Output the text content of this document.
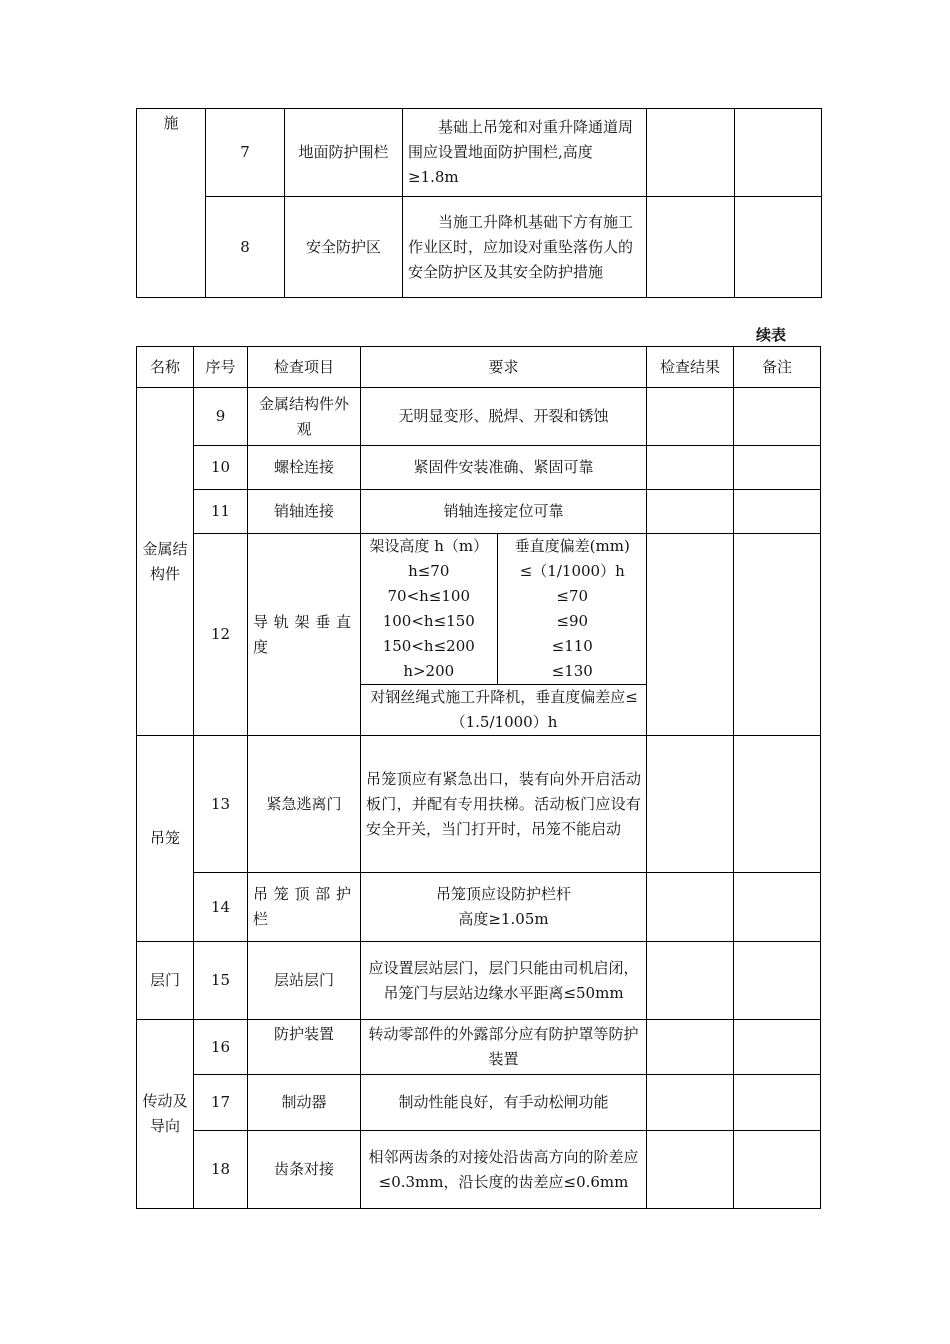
施	7	地面防护围栏	基础上吊笼和对重升降通道周围应设置地面防护围栏,高度≥1.8m		
	8	安全防护区	当施工升降机基础下方有施工作业区时，应加设对重坠落伤人的安全防护区及其安全防护措施		
续表
名称	序号	检查项目	要求	检查结果	备注
金属结构件	9	金属结构件外观	无明显变形、脱焊、开裂和锈蚀		
10	螺栓连接	紧固件安装准确、紧固可靠		
11	销轴连接	销轴连接定位可靠		
12	导轨架垂直度	
架设高度 h（m）	垂直度偏差(mm)
h≤70	≤（1/1000）h
70<h≤100	≤70
100<h≤150	≤90
150<h≤200	≤110
h>200	≤130
对钢丝绳式施工升降机，垂直度偏差应≤（1.5/1000）h

吊笼	13	紧急逃离门	吊笼顶应有紧急出口，装有向外开启活动板门，并配有专用扶梯。活动板门应设有安全开关，当门打开时，吊笼不能启动		
14	吊笼顶部护栏	
吊笼顶应设防护栏杆
高度≥1.05m

层门	15	层站层门	应设置层站层门，层门只能由司机启闭，吊笼门与层站边缘水平距离≤50mm		
传动及导向	16	防护装置	转动零部件的外露部分应有防护罩等防护装置		
17	制动器	制动性能良好，有手动松闸功能		
18	齿条对接	相邻两齿条的对接处沿齿高方向的阶差应≤0.3mm，沿长度的齿差应≤0.6mm		
